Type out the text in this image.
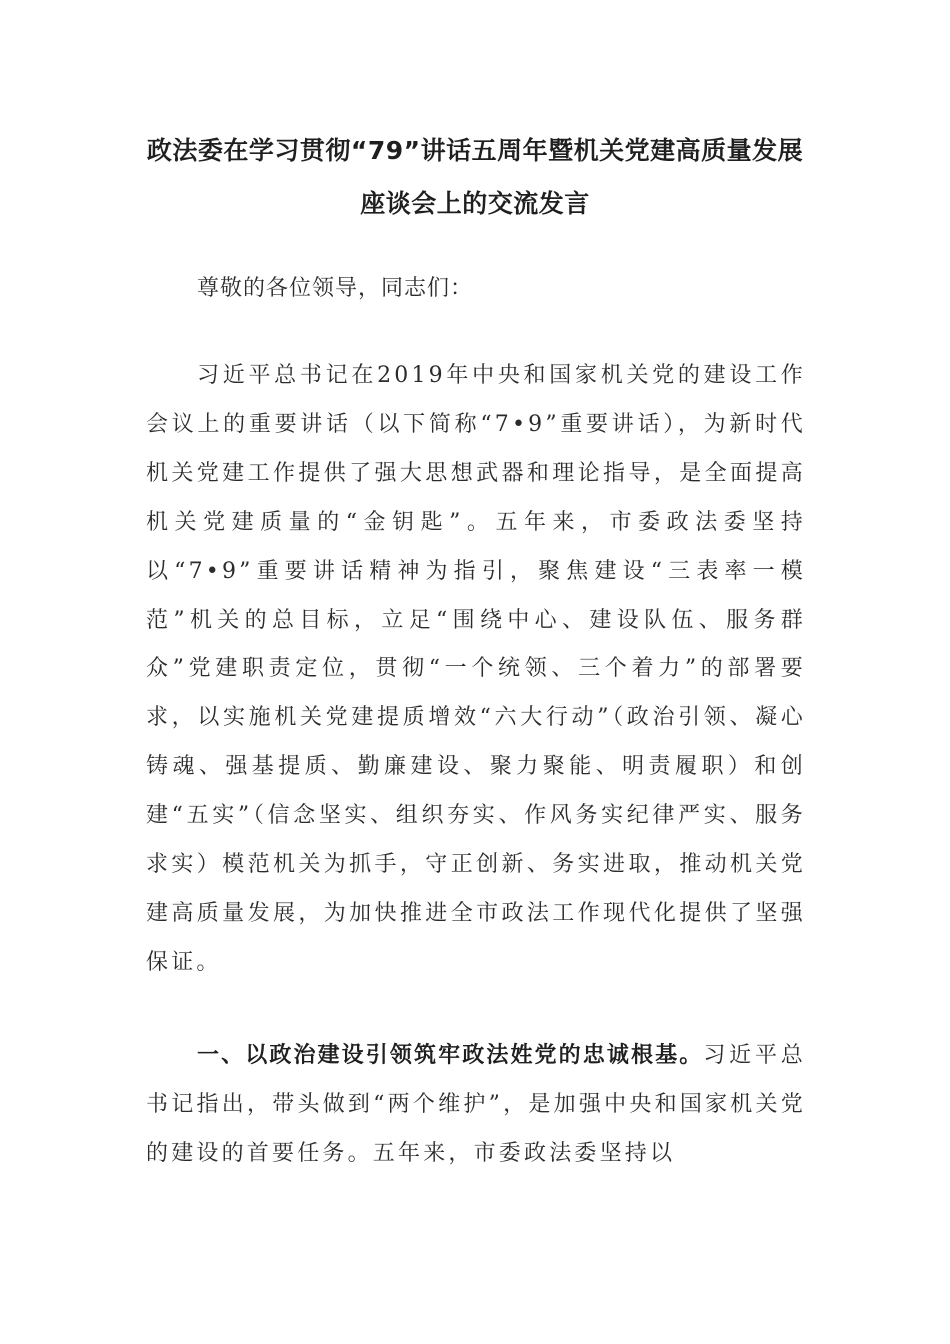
政法委在学习贯彻“79”讲话五周年暨机关党建高质量发展座谈会上的交流发言
尊敬的各位领导，同志们：
习近平总书记在2019年中央和国家机关党的建设工作会议上的重要讲话（以下简称“7•9”重要讲话），为新时代机关党建工作提供了强大思想武器和理论指导，是全面提高机关党建质量的“金钥匙”。五年来，市委政法委坚持以“7•9”重要讲话精神为指引，聚焦建设“三表率一模范”机关的总目标，立足“围绕中心、建设队伍、服务群众”党建职责定位，贯彻“一个统领、三个着力”的部署要求，以实施机关党建提质增效“六大行动”（政治引领、凝心铸魂、强基提质、勤廉建设、聚力聚能、明责履职）和创建“五实”（信念坚实、组织夯实、作风务实纪律严实、服务求实）模范机关为抓手，守正创新、务实进取，推动机关党建高质量发展，为加快推进全市政法工作现代化提供了坚强保证。
一、以政治建设引领筑牢政法姓党的忠诚根基。习近平总书记指出，带头做到“两个维护”，是加强中央和国家机关党的建设的首要任务。五年来，市委政法委坚持以
